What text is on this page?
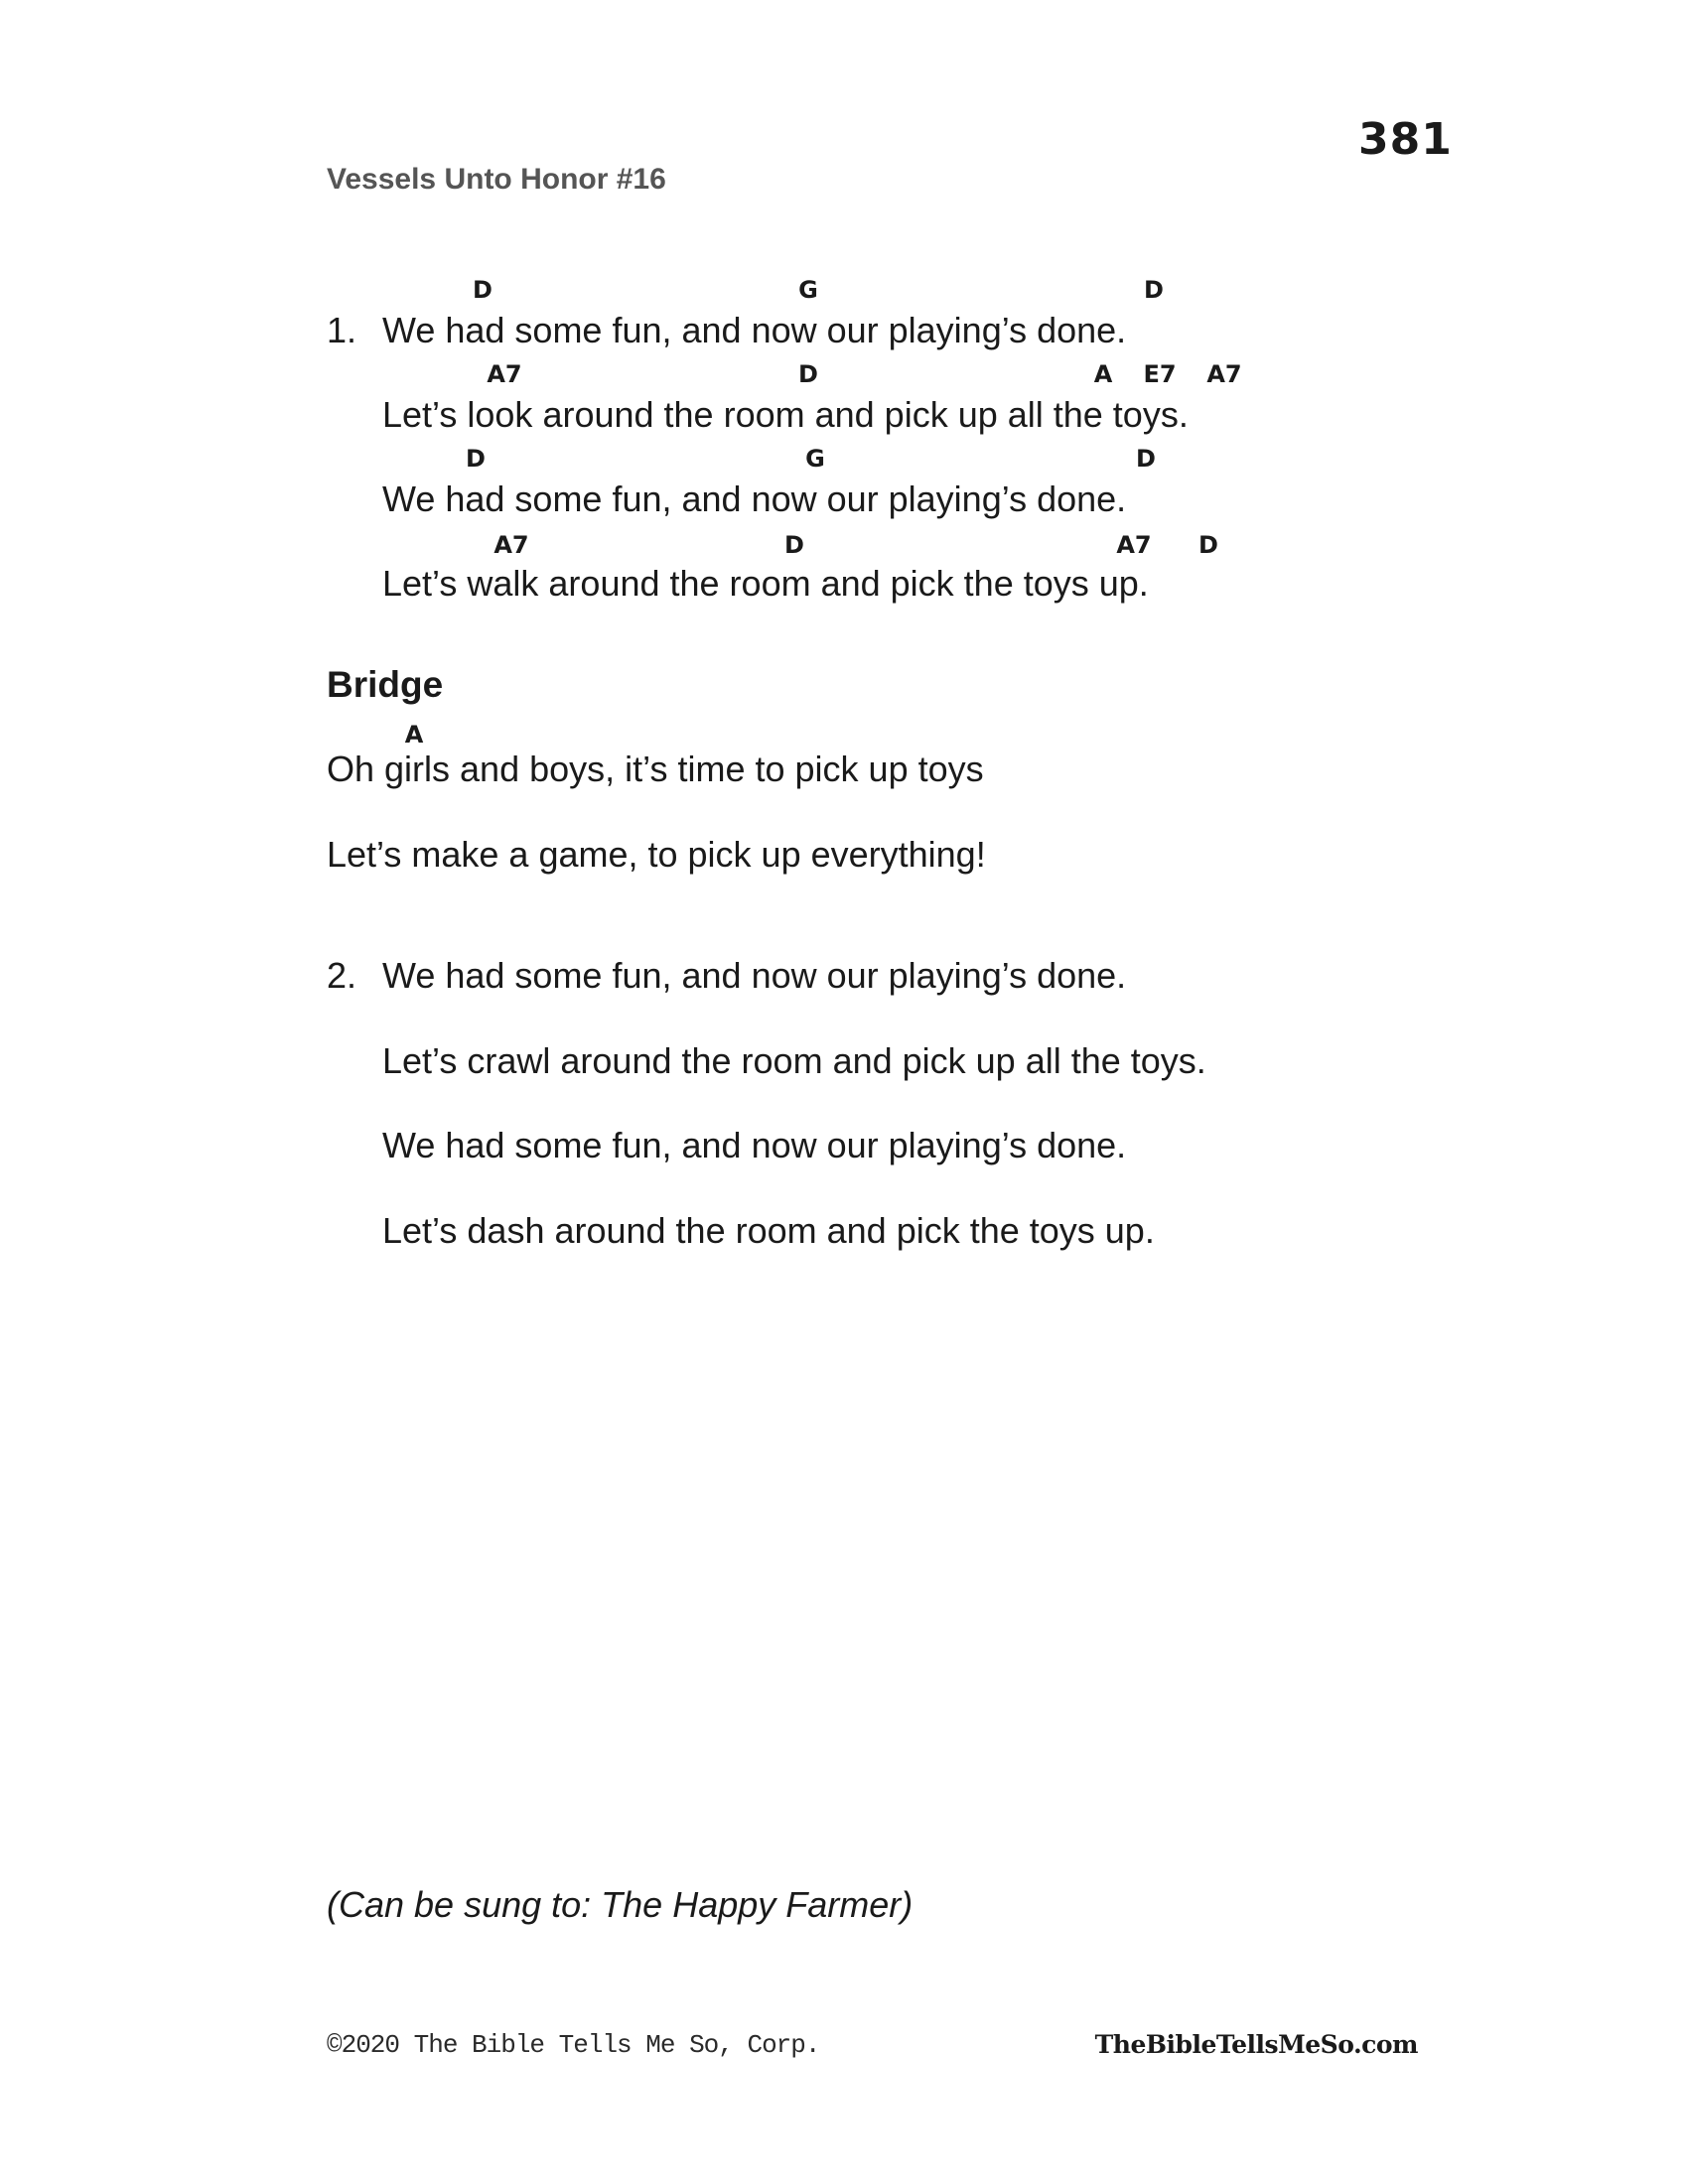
381
Vessels Unto Honor #16
D	G	D
1. We had some fun, and now our playing’s done.
A7	D	A E7 A7
Let’s look around the room and pick up all the toys.
D	G	D
We had some fun, and now our playing’s done.
A7	D	A7 D
Let’s walk around the room and pick the toys up.
Bridge
A
Oh girls and boys, it’s time to pick up toys
Let’s make a game, to pick up everything!
2. We had some fun, and now our playing’s done.
Let’s crawl around the room and pick up all the toys.
We had some fun, and now our playing’s done.
Let’s dash around the room and pick the toys up.
(Can be sung to: The Happy Farmer)
©2020 The Bible Tells Me So, Corp.	TheBibleTellsMeSo.com
